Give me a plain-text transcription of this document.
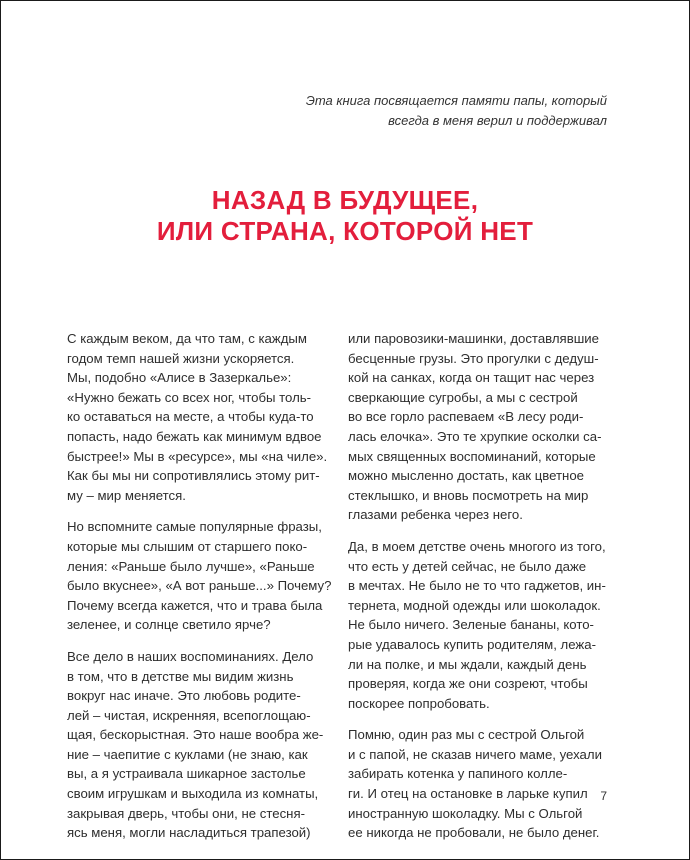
Эта книга посвящается памяти папы, который
всегда в меня верил и поддерживал
НАЗАД В БУДУЩЕЕ,
ИЛИ СТРАНА, КОТОРОЙ НЕТ

С каждым веком, да что там, с каждым
годом темп нашей жизни ускоряется.
Мы, подобно «Алисе в Зазеркалье»:
«Нужно бежать со всех ног, чтобы толь-
ко оставаться на месте, а чтобы куда-то
попасть, надо бежать как минимум вдвое
быстрее!» Мы в «ресурсе», мы «на чиле».
Как бы мы ни сопротивлялись этому рит-
му – мир меняется.

Но вспомните самые популярные фразы,
которые мы слышим от старшего поко-
ления: «Раньше было лучше», «Раньше
было вкуснее», «А вот раньше...» Почему?
Почему всегда кажется, что и трава была
зеленее, и солнце светило ярче?

Все дело в наших воспоминаниях. Дело
в том, что в детстве мы видим жизнь
вокруг нас иначе. Это любовь родите-
лей – чистая, искренняя, всепоглощаю-
щая, бескорыстная. Это наше вообра же-
ние – чаепитие с куклами (не знаю, как
вы, а я устраивала шикарное застолье
своим игрушкам и выходила из комнаты,
закрывая дверь, чтобы они, не стесня-
ясь меня, могли насладиться трапезой)

или паровозики-машинки, доставлявшие
бесценные грузы. Это прогулки с дедуш-
кой на санках, когда он тащит нас через
сверкающие сугробы, а мы с сестрой
во все горло распеваем «В лесу роди-
лась елочка». Это те хрупкие осколки са-
мых священных воспоминаний, которые
можно мысленно достать, как цветное
стеклышко, и вновь посмотреть на мир
глазами ребенка через него.

Да, в моем детстве очень многого из того,
что есть у детей сейчас, не было даже
в мечтах. Не было не то что гаджетов, ин-
тернета, модной одежды или шоколадок.
Не было ничего. Зеленые бананы, кото-
рые удавалось купить родителям, лежа-
ли на полке, и мы ждали, каждый день
проверяя, когда же они созреют, чтобы
поскорее попробовать.

Помню, один раз мы с сестрой Ольгой
и с папой, не сказав ничего маме, уехали
забирать котенка у папиного колле-
ги. И отец на остановке в ларьке купил
иностранную шоколадку. Мы с Ольгой
ее никогда не пробовали, не было денег.

7
